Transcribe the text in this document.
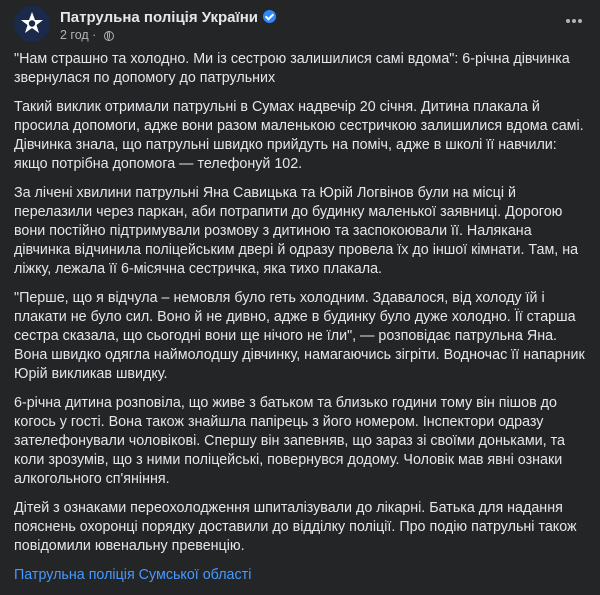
Патрульна поліція України
2 год ·

"Нам страшно та холодно. Ми із сестрою залишилися самі вдома": 6-річна дівчинка звернулася по допомогу до патрульних

Такий виклик отримали патрульні в Сумах надвечір 20 січня. Дитина плакала й просила допомоги, адже вони разом маленькою сестричкою залишилися вдома самі. Дівчинка знала, що патрульні швидко прийдуть на поміч, адже в школі її навчили: якщо потрібна допомога — телефонуй 102.

За лічені хвилини патрульні Яна Савицька та Юрій Логвінов були на місці й перелазили через паркан, аби потрапити до будинку маленької заявниці. Дорогою вони постійно підтримували розмову з дитиною та заспокоювали її. Налякана дівчинка відчинила поліцейським двері й одразу провела їх до іншої кімнати. Там, на ліжку, лежала її 6-місячна сестричка, яка тихо плакала.

"Перше, що я відчула – немовля було геть холодним. Здавалося, від холоду їй і плакати не було сил. Воно й не дивно, адже в будинку було дуже холодно. Її старша сестра сказала, що сьогодні вони ще нічого не їли", — розповідає патрульна Яна. Вона швидко одягла наймолодшу дівчинку, намагаючись зігріти. Водночас її напарник Юрій викликав швидку.

6-річна дитина розповіла, що живе з батьком та близько години тому він пішов до когось у гості. Вона також знайшла папірець з його номером. Інспектори одразу зателефонували чоловікові. Спершу він запевняв, що зараз зі своїми доньками, та коли зрозумів, що з ними поліцейські, повернувся додому. Чоловік мав явні ознаки алкогольного сп'яніння.

Дітей з ознаками переохолодження шпиталізували до лікарні. Батька для надання пояснень охоронці порядку доставили до відділку поліції. Про подію патрульні також повідомили ювенальну превенцію.

Патрульна поліція Сумської області
